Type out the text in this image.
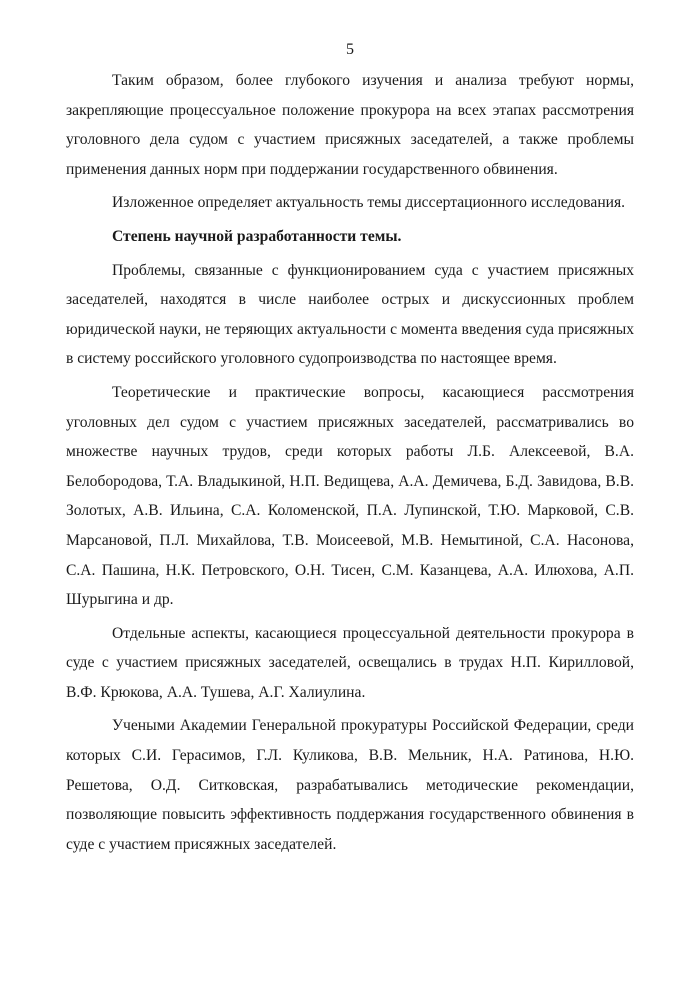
5

Таким образом, более глубокого изучения и анализа требуют нормы, закрепляющие процессуальное положение прокурора на всех этапах рассмотрения уголовного дела судом с участием присяжных заседателей, а также проблемы применения данных норм при поддержании государственного обвинения.

Изложенное определяет актуальность темы диссертационного исследования.

Степень научной разработанности темы.

Проблемы, связанные с функционированием суда с участием присяжных заседателей, находятся в числе наиболее острых и дискуссионных проблем юридической науки, не теряющих актуальности с момента введения суда присяжных в систему российского уголовного судопроизводства по настоящее время.

Теоретические и практические вопросы, касающиеся рассмотрения уголовных дел судом с участием присяжных заседателей, рассматривались во множестве научных трудов, среди которых работы Л.Б. Алексеевой, В.А. Белобородова, Т.А. Владыкиной, Н.П. Ведищева, А.А. Демичева, Б.Д. Завидова, В.В. Золотых, А.В. Ильина, С.А. Коломенской, П.А. Лупинской, Т.Ю. Марковой, С.В. Марсановой, П.Л. Михайлова, Т.В. Моисеевой, М.В. Немытиной, С.А. Насонова, С.А. Пашина, Н.К. Петровского, О.Н. Тисен, С.М. Казанцева, А.А. Илюхова, А.П. Шурыгина и др.

Отдельные аспекты, касающиеся процессуальной деятельности прокурора в суде с участием присяжных заседателей, освещались в трудах Н.П. Кирилловой, В.Ф. Крюкова, А.А. Тушева, А.Г. Халиулина.

Учеными Академии Генеральной прокуратуры Российской Федерации, среди которых С.И. Герасимов, Г.Л. Куликова, В.В. Мельник, Н.А. Ратинова, Н.Ю. Решетова, О.Д. Ситковская, разрабатывались методические рекомендации, позволяющие повысить эффективность поддержания государственного обвинения в суде с участием присяжных заседателей.
